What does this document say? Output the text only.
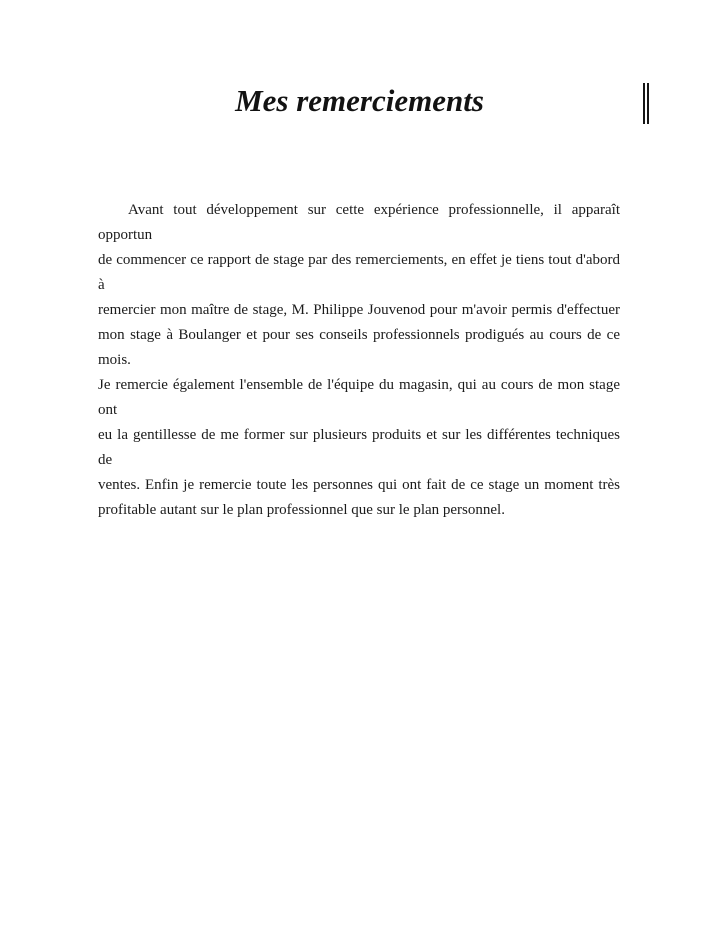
Mes remerciements
Avant tout développement sur cette expérience professionnelle, il apparaît opportun
de commencer ce rapport de stage par des remerciements, en effet je tiens tout d'abord à
remercier mon maître de stage, M. Philippe Jouvenod pour m'avoir permis d'effectuer
mon stage à Boulanger et pour ses conseils professionnels prodigués au cours de ce
mois.
Je remercie également l'ensemble de l'équipe du magasin, qui au cours de mon stage ont
eu la gentillesse de me former sur plusieurs produits et sur les différentes techniques de
ventes. Enfin je remercie toute les personnes qui ont fait de ce stage un moment très
profitable autant sur le plan professionnel que sur le plan personnel.
